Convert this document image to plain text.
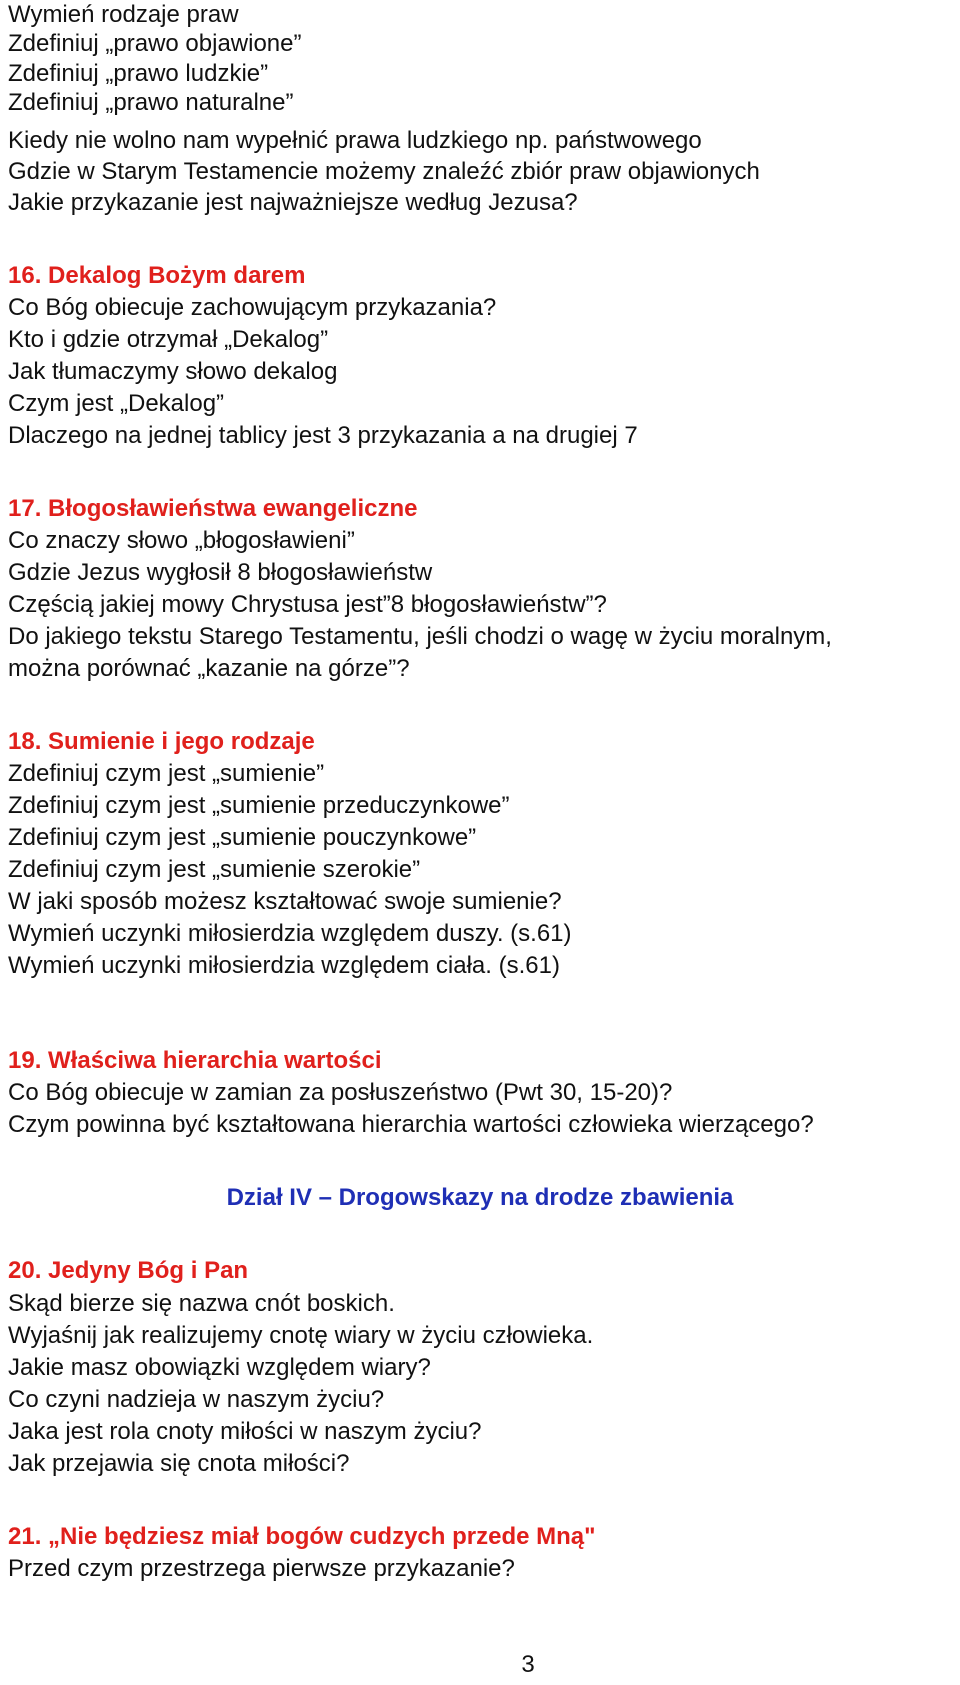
Wymień rodzaje praw
Zdefiniuj „prawo objawione”
Zdefiniuj „prawo ludzkie”
Zdefiniuj „prawo naturalne”
Kiedy nie wolno nam wypełnić prawa ludzkiego np. państwowego
Gdzie w Starym Testamencie możemy znaleźć zbiór praw objawionych
Jakie przykazanie jest najważniejsze według Jezusa?
16. Dekalog Bożym darem
Co Bóg obiecuje zachowującym przykazania?
Kto i gdzie otrzymał „Dekalog”
Jak tłumaczymy słowo dekalog
Czym jest „Dekalog”
Dlaczego na jednej tablicy jest 3 przykazania a na drugiej 7
17. Błogosławieństwa ewangeliczne
Co znaczy słowo „błogosławieni”
Gdzie Jezus wygłosił 8 błogosławieństw
Częścią jakiej mowy Chrystusa jest”8 błogosławieństw”?
Do jakiego tekstu Starego Testamentu, jeśli chodzi o wagę w życiu moralnym,
można porównać „kazanie na górze”?
18. Sumienie i jego rodzaje
Zdefiniuj czym jest „sumienie”
Zdefiniuj czym jest „sumienie przeduczynkowe”
Zdefiniuj czym jest „sumienie pouczynkowe”
Zdefiniuj czym jest „sumienie szerokie”
W jaki sposób możesz kształtować swoje sumienie?
Wymień uczynki miłosierdzia względem duszy. (s.61)
Wymień uczynki miłosierdzia względem ciała. (s.61)
19. Właściwa hierarchia wartości
Co Bóg obiecuje w zamian za posłuszeństwo (Pwt 30, 15-20)?
Czym powinna być kształtowana hierarchia wartości człowieka wierzącego?
Dział IV – Drogowskazy na drodze zbawienia
20. Jedyny Bóg i Pan
Skąd bierze się nazwa cnót boskich.
Wyjaśnij jak realizujemy cnotę wiary w życiu człowieka.
Jakie masz obowiązki względem wiary?
Co czyni nadzieja w naszym życiu?
Jaka jest rola cnoty miłości w naszym życiu?
Jak przejawia się cnota miłości?
21. „Nie będziesz miał bogów cudzych przede Mną"
Przed czym przestrzega pierwsze przykazanie?
3
